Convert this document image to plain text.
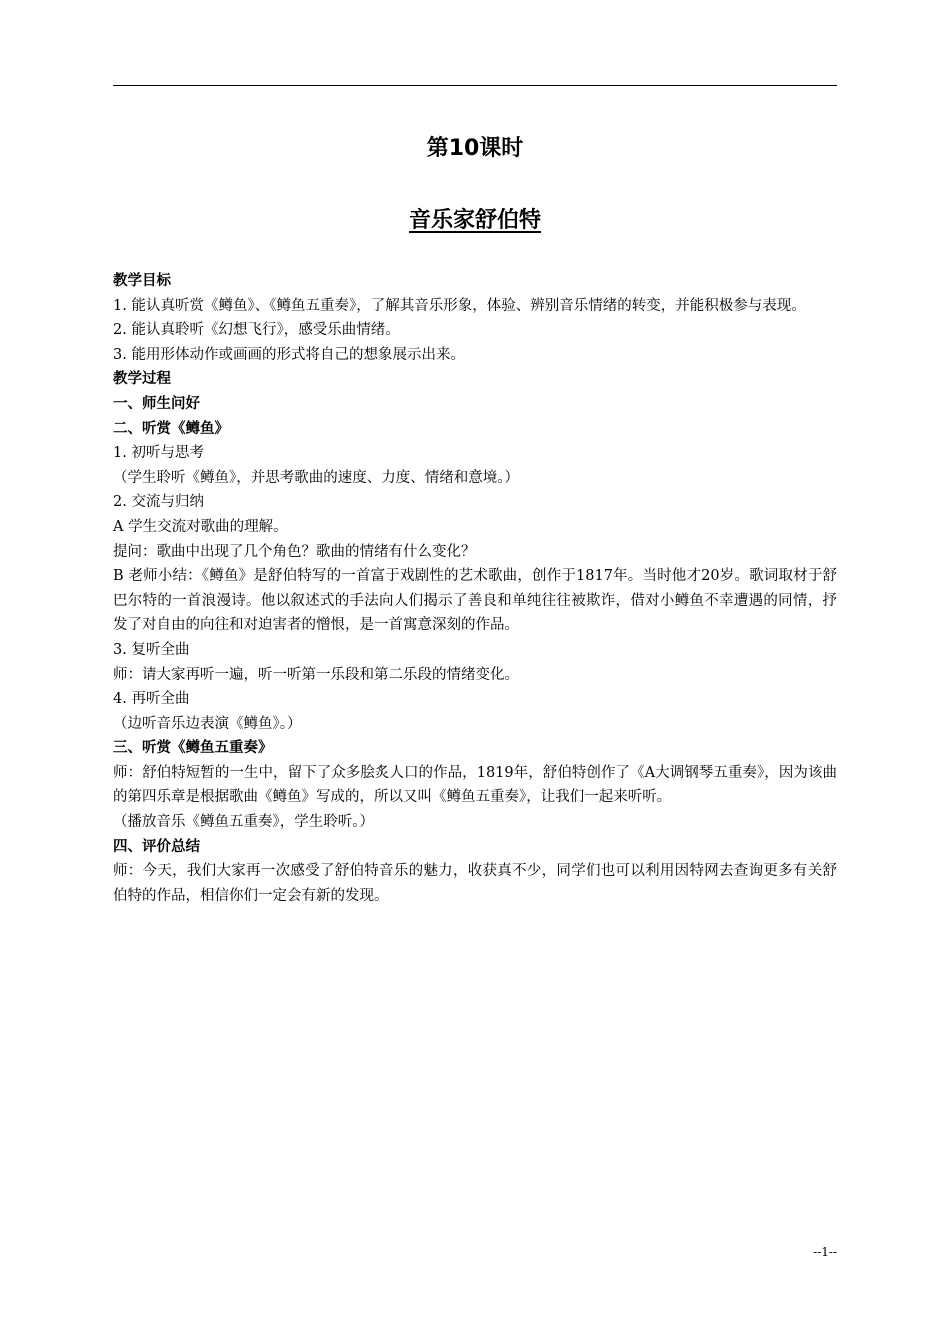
第10课时
音乐家舒伯特

教学目标

1. 能认真听赏《鳟鱼》、《鳟鱼五重奏》，了解其音乐形象，体验、辨别音乐情绪的转变，并能积极参与表现。

2. 能认真聆听《幻想飞行》，感受乐曲情绪。

3. 能用形体动作或画画的形式将自己的想象展示出来。

教学过程

一、师生问好

二、听赏《鳟鱼》

1. 初听与思考

（学生聆听《鳟鱼》，并思考歌曲的速度、力度、情绪和意境。）

2. 交流与归纳

A 学生交流对歌曲的理解。

提问：歌曲中出现了几个角色？歌曲的情绪有什么变化？

B 老师小结：《鳟鱼》是舒伯特写的一首富于戏剧性的艺术歌曲，创作于1817年。当时他才20岁。歌词取材于舒巴尔特的一首浪漫诗。他以叙述式的手法向人们揭示了善良和单纯往往被欺诈，借对小鳟鱼不幸遭遇的同情，抒发了对自由的向往和对迫害者的憎恨，是一首寓意深刻的作品。

3. 复听全曲

师：请大家再听一遍，听一听第一乐段和第二乐段的情绪变化。

4. 再听全曲

（边听音乐边表演《鳟鱼》。）

三、听赏《鳟鱼五重奏》

师：舒伯特短暂的一生中，留下了众多脍炙人口的作品，1819年，舒伯特创作了《A大调钢琴五重奏》，因为该曲的第四乐章是根据歌曲《鳟鱼》写成的，所以又叫《鳟鱼五重奏》，让我们一起来听听。

（播放音乐《鳟鱼五重奏》，学生聆听。）

四、评价总结

师：今天，我们大家再一次感受了舒伯特音乐的魅力，收获真不少，同学们也可以利用因特网去查询更多有关舒伯特的作品，相信你们一定会有新的发现。

--1--
